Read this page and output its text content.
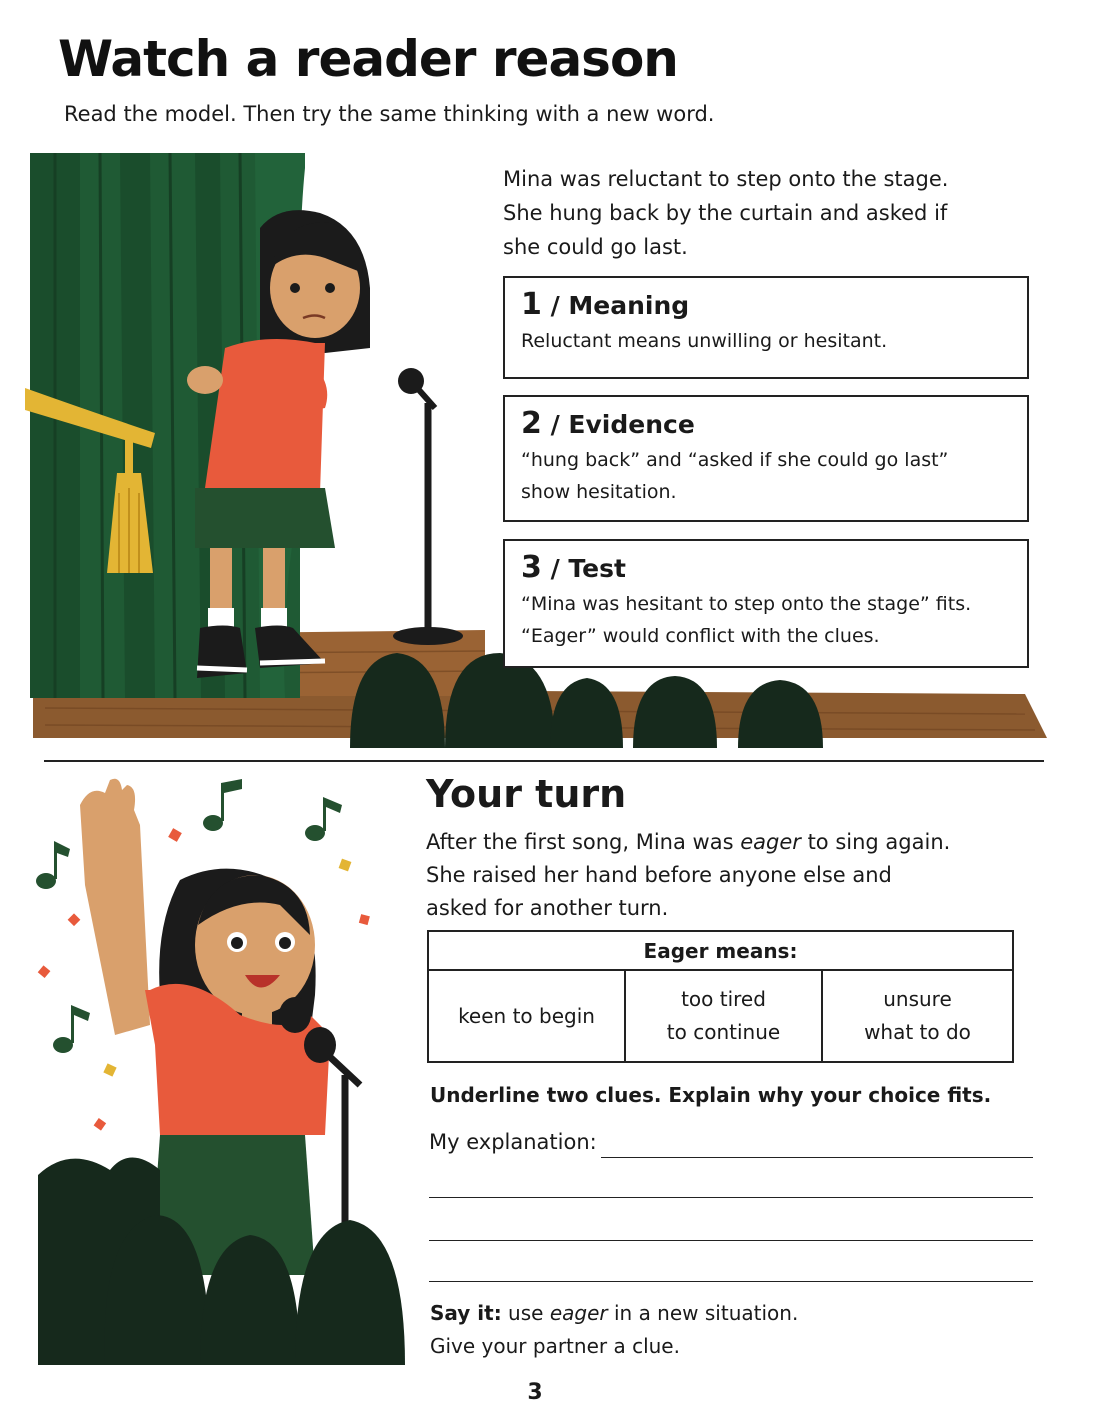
Watch a reader reason
Read the model. Then try the same thinking with a new word.
Mina was reluctant to step onto the stage.
She hung back by the curtain and asked if
she could go last.
1 / Meaning
Reluctant means unwilling or hesitant.
2 / Evidence
“hung back” and “asked if she could go last”
show hesitation.
3 / Test
“Mina was hesitant to step onto the stage” fits.
“Eager” would conflict with the clues.
Your turn
After the first song, Mina was eager to sing again.
She raised her hand before anyone else and
asked for another turn.
Eager means:
keen to begin
too tired
to continue
unsure
what to do
Underline two clues. Explain why your choice fits.
My explanation:
Say it: use eager in a new situation.
Give your partner a clue.
3
